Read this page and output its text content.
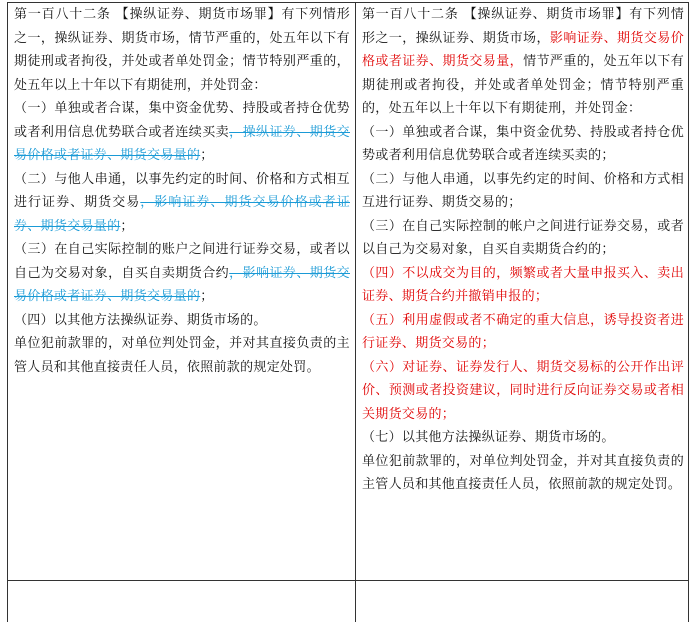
第一百八十二条 【操纵证券、期货市场罪】有下列情形之一，操纵证券、期货市场，情节严重的，处五年以下有期徒刑或者拘役，并处或者单处罚金；情节特别严重的，处五年以上十年以下有期徒刑，并处罚金：

（一）单独或者合谋，集中资金优势、持股或者持仓优势或者利用信息优势联合或者连续买卖，操纵证券、期货交易价格或者证券、期货交易量的；

（二）与他人串通，以事先约定的时间、价格和方式相互进行证券、期货交易，影响证券、期货交易价格或者证券、期货交易量的；

（三）在自己实际控制的账户之间进行证券交易，或者以自己为交易对象，自买自卖期货合约，影响证券、期货交易价格或者证券、期货交易量的；

（四）以其他方法操纵证券、期货市场的。

单位犯前款罪的，对单位判处罚金，并对其直接负责的主管人员和其他直接责任人员，依照前款的规定处罚。

第一百八十二条 【操纵证券、期货市场罪】有下列情形之一，操纵证券、期货市场，影响证券、期货交易价格或者证券、期货交易量，情节严重的，处五年以下有期徒刑或者拘役，并处或者单处罚金；情节特别严重的，处五年以上十年以下有期徒刑，并处罚金：

（一）单独或者合谋，集中资金优势、持股或者持仓优势或者利用信息优势联合或者连续买卖的；

（二）与他人串通，以事先约定的时间、价格和方式相互进行证券、期货交易的；

（三）在自己实际控制的帐户之间进行证券交易，或者以自己为交易对象，自买自卖期货合约的；

（四）不以成交为目的，频繁或者大量申报买入、卖出证券、期货合约并撤销申报的；

（五）利用虚假或者不确定的重大信息，诱导投资者进行证券、期货交易的；

（六）对证券、证券发行人、期货交易标的公开作出评价、预测或者投资建议，同时进行反向证券交易或者相关期货交易的；

（七）以其他方法操纵证券、期货市场的。

单位犯前款罪的，对单位判处罚金，并对其直接负责的主管人员和其他直接责任人员，依照前款的规定处罚。
